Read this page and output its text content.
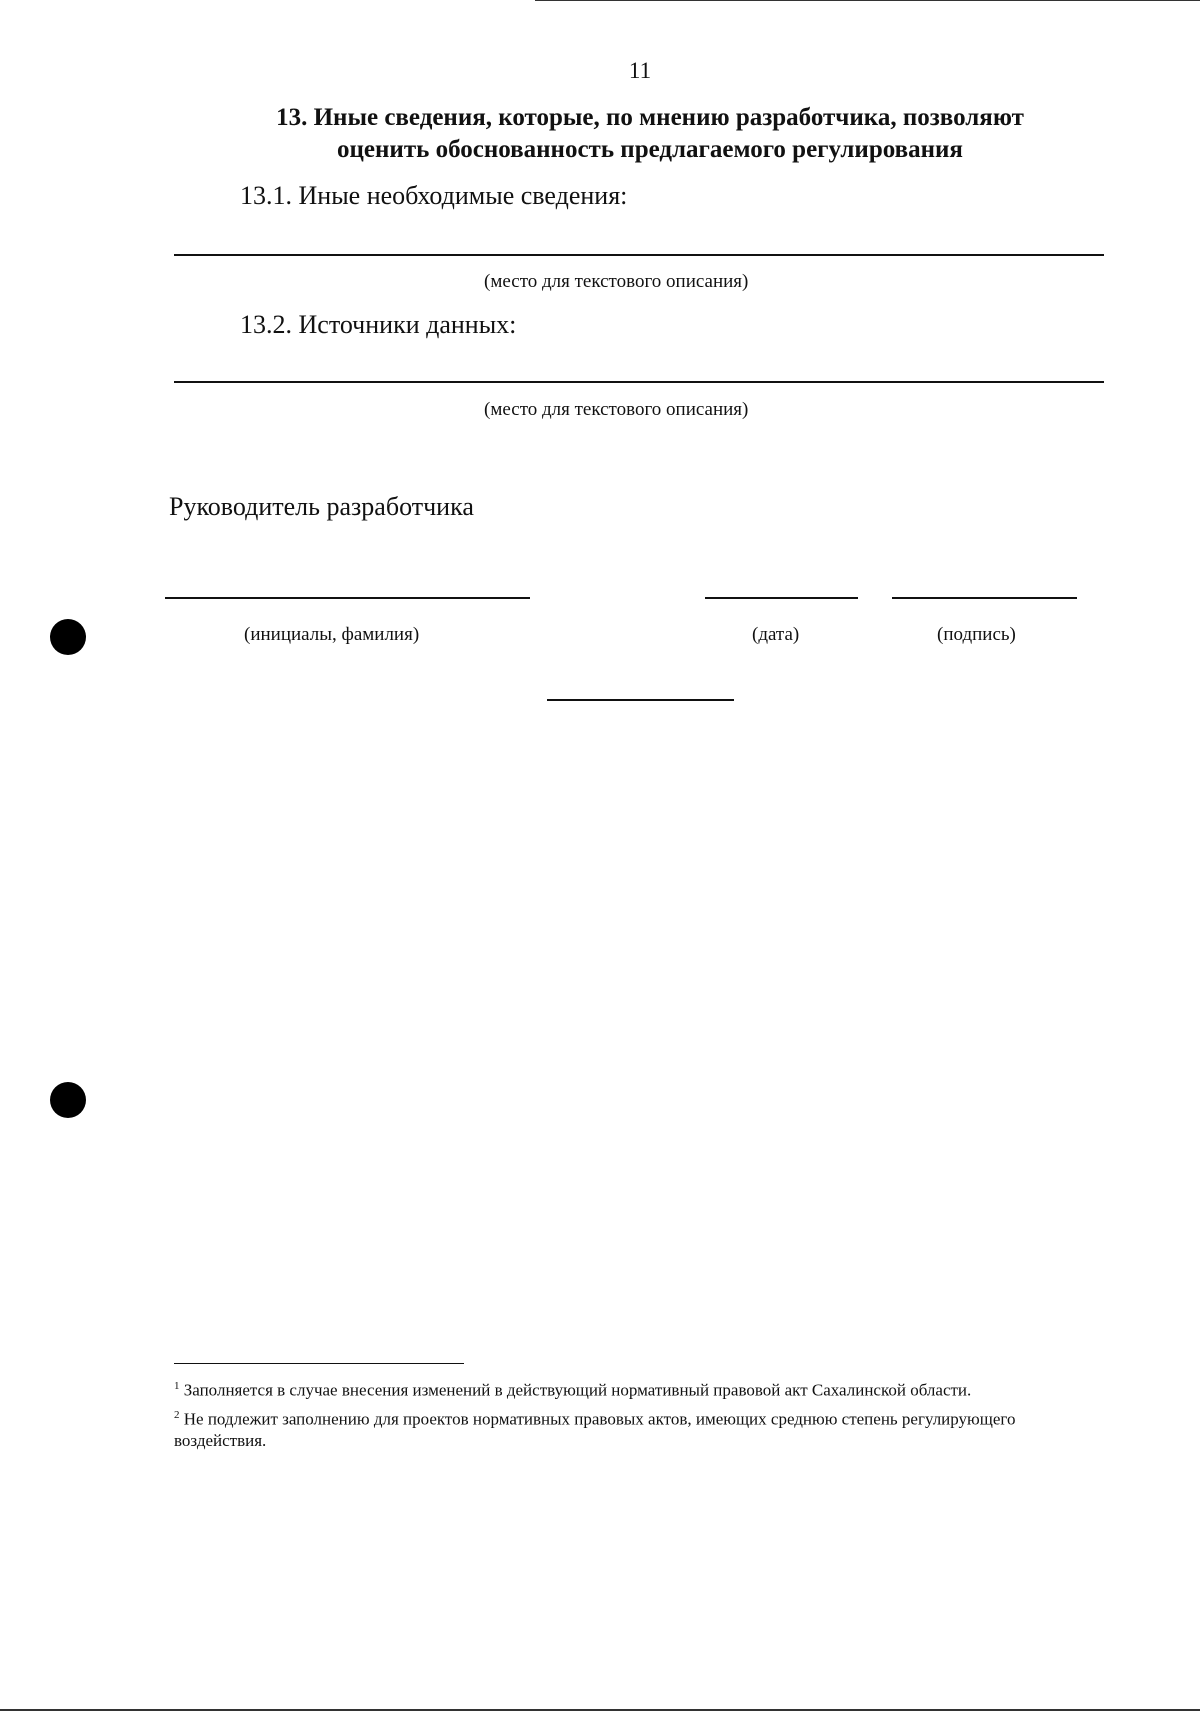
11
13. Иные сведения, которые, по мнению разработчика, позволяют
оценить обоснованность предлагаемого регулирования
13.1. Иные необходимые сведения:
(место для текстового описания)
13.2. Источники данных:
(место для текстового описания)
Руководитель разработчика
(инициалы, фамилия)	(дата)	(подпись)

$^1$ Заполняется в случае внесения изменений в действующий нормативный правовой акт Сахалинской области.

$^2$ Не подлежит заполнению для проектов нормативных правовых актов, имеющих среднюю степень регулирующего воздействия.
